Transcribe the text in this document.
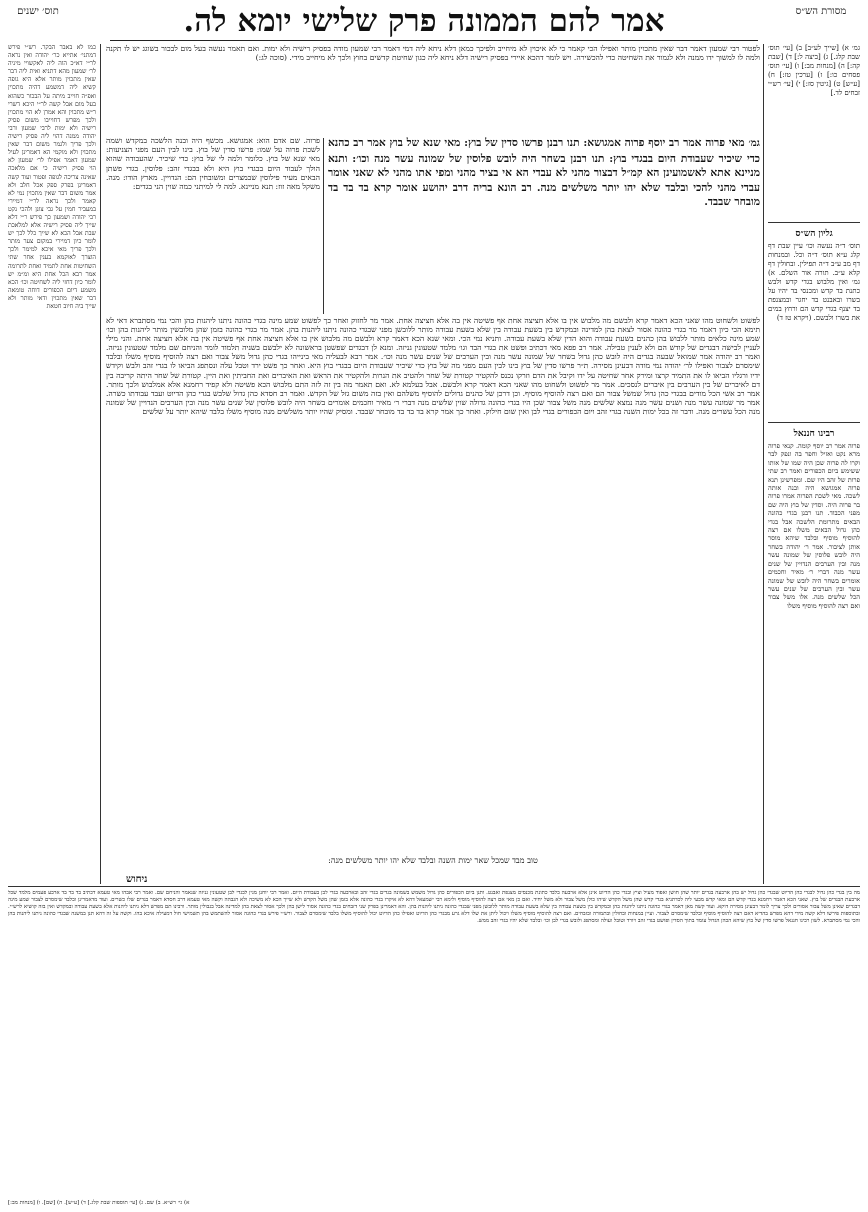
תוס׳ ישנים	אמר להם הממונה פרק שלישי יומא לה.	מסורת הש״ס

כמו לא באבר הבקר. רש״י פירש דמתני׳ אתייא כר׳ יהודה ואין נראה לר״י דא״כ הוה ליה לאקשויי מיניה לר׳ שמעון מהא דתניא ואית ליה דבר שאין מתכוין מותר אלא היא גופה קשיא ליה דמשמע דהיה מתכוין ואפ״ה חוייב מיתה על הבכור כשהוא בעל מום אבל קשה לר״י היכא דשרי ר״ש מתכוין והא אמרן לא הוי מתכוין ולכך מפרש דחוייבו משום פסיק רישיה ולא ימות לרבי שמעון ורבי יהודה ממנה דהוי ליה פסיק רישיה ולכך פריך ולגמר משום דבר שאין מתכוין ולא מוקמי הא דאמרינן לעיל שמעון דאמר אפילו לר׳ שמעון לא הוי פסיק רישיה כי אם מלאכה שאינה צריכה לגופה ופטור ועוד קשה דאמרינן בפרק ספק אכל חלב ולא אמר משום דבר שאין מתכוין נמי לא קאמר ולכך נראה לר״י דמיירי במעביר חמין על גבי צונן ולהכי נקט רבי יהודה ושמעון כך פירש ר״י דלא שייך ליה פסיק רישיה אלא למלאכת שבת אבל הכא לא שייך כלל לכך יש לומר כיון דמיירי במקום צער מותר ולכך פריך מאי איכא למימר ולכך הוצרך לאוקמא בענין אחר שתי השחיטות אחת לתמיד ואחת לתרומה אמר רבא הכל אחת היא ומ״מ יש לומר כיון דחזי ליה לשחיטה וכו׳ הכא משמע דיום הכפורים דוחה טומאה דבר שאין מתכוין ודאי מותר ולא שייך ביה חיוב חטאת

גמ׳ א) [שייך לע״ב] ב) [עי׳ תוס׳ שבת קלג.] ג) [ביצה ל:] ד) [שבת קה:] ה) [מנחות מב:] ו) [עי׳ תוס׳ פסחים כו:] ז) [ערכין טז:] ח) [ע״ש] ט) [גיטין סז:] י) [עי׳ רש״י זבחים לד.]

גליון הש״ס

תוס׳ ד״ה נעשה וכו׳ עיין שבת דף קלג ע״א תוס׳ ד״ה וכל. ובמנחות דף מב ע״ב ד״ה תפילין. ובחולין דף קלא ע״ב. תורה אור השלם. א) גמ׳ ואין מלבוש בגדי קדש ולבש כתנת בד קדש ומכנסי בד יהיו על בשרו ובאבנט בד יחגר ובמצנפת בד יצנף בגדי קדש הם ורחץ במים את בשרו ולבשם. (ויקרא טז ד)

רבינו חננאל

פרוה אמר רב יוסף קומה. קנאי פרוה מרא נקט ואזיל וחפר בה ונפק לבר וקרו לה פרוה שכן היה שמו של אותו ששימש ביום הכפורים ואמר רב שתי פרות של זהב היו שם. ומפרשינן תנא פרוה אמגושא היה ובנה אותה לשכה. מאי לשכת הפרוה אמרו פרוה בר פרוה היה. וסדין של בוץ היה שם מפני הכבוד. תנו רבנן בגדי כהונה הבאים מתרומת הלשכה אבל בגדי כהן גדול הבאים משלו אם רצה להוסיף מוסיף ובלבד שיהא מוסר אותן לציבור. אמר ר׳ יהודה בשחר היה לובש פלוסין של שמונה עשר מנה ובין הערבים הנדויין של שנים עשר מנה דברי ר׳ מאיר וחכמים אומרים בשחר היה לובש של שמונה עשר ובין הערבים של שנים עשר הכל שלשים מנה. אלו משל צבור ואם רצה להוסיף מוסיף משלו

לפטור רבי שמעון דאמר דבר שאין מתכוין מותר ואפילו הכי קאמר כי לא איכוין לא מיחייב ולפיכך כמאן דלא ניחא ליה דמי דאמר רבי שמעון מודה בפסיק רישיה ולא ימות. ואם תאמר נעשה בעל מום לבכור בשוגג יש לו תקנה ולמה לו למשוך ידו ממנה ולא לגמור את השחיטה כדי להכשירה. ויש לומר דהכא איירי בפסיק רישיה דלא ניחא ליה כגון שחיטת קדשים בחוץ ולכך לא מיחייב מידי. (סוכה לג:)

גמ׳ מאי פרוה אמר רב יוסף פרוה אמגושא: תנו רבנן פרשו סדין של בוץ: מאי שנא של בוץ אמר רב כהנא כדי שיכיר שעבודת היום בבגדי בוץ: תנו רבנן בשחר היה לובש פלוסין של שמונה עשר מנה וכו׳: ותנא מניינא אתא לאשמועינן הא קמ״ל דבצור מהני לא עבדי הא אי בציר מהני ומפי אתו מהני לא שאני אומר עבדי מהני להכי ובלבד שלא יהו יותר משלשים מנה. רב הונא בריה דרב יהושע אומר קרא בד בד בד מובחר שבבד.

פרוה. שם אדם הוא: אמגושא. מכשף היה ובנה הלשכה במקדש ושמה לשכת פרוה על שמו: פרשו סדין של בוץ. בינו לבין העם מפני הצניעות: מאי שנא של בוץ. כלומר ולמה לי של בוץ: כדי שיכיר. שהעבודה שהוא הולך לעבוד היום בבגדי בוץ היא ולא בבגדי זהב: פלוסין. בגדי פשתן הבאים מעיר פילוסין שבמצרים ומשובחין הם: הנדויין. מארץ הודו: מנה. משקל מאה זוז: תנא מניינא. למה לי למיתני כמה שוין הני בגדים:

לפשוט ולשחוט מהו שאני הכא דאמר קרא ולבשם מה מלבוש אין בו אלא חציצה אחת אף פשיטה אין בה אלא חציצה אחת. אמר מר לחזוק ואחר כך לפשוט שמע מינה בגדי כהונה ניתנו ליהנות בהן והכי נמי מסתברא דאי לא תימא הכי כיון דאמר מר בגדי כהונה אסור לצאת בהן למדינה ובמקדש בין בשעת עבודה בין שלא בשעת עבודה מותר ללובשן מפני שבגדי כהונה ניתנו ליהנות בהן. אמר מר בגדי כהונה בזמן שהן מלובשין מותר ליהנות בהן וכו׳ שמע מינה כלאים מותר ללבוש בהן כהנים בשעת עבודה והוא הדין שלא בשעת עבודה. ותניא נמי הכי. ומאי שנא הכא דאמר קרא ולבשם מה מלבוש אין בו אלא חציצה אחת אף פשיטה אין בה אלא חציצה אחת. והני מילי לעניין לבישה דבגדים של קודש הם ולא לענין טבילה. אמר רב פפא מאי דכתיב ופשט את בגדי הבד וגו׳ מלמד שטעונין גניזה. ומנא לן דבגדים שפשטן בראשונה לא ילבשם בשניה תלמוד לומר והניחם שם מלמד שטעונין גניזה. ואמר רב יהודה אמר שמואל שבעה בגדים היה לובש כהן גדול בשחר של שמונה עשר מנה ובין הערבים של שנים עשר מנה וכו׳. אמר רבא לבעליה מאי בינייהו בגדי כהן גדול משל צבור ואם רצה להוסיף מוסיף משלו ובלבד שימסרם לצבור ואפילו לר׳ יהודה נמי מודה דבעינן מסירה. ת״ר פרשו סדין של בוץ בינו לבין העם מפני מה של בוץ כדי שיכיר שעבודת היום בבגדי בוץ היא. ואחר כך פשט ירד וטבל עלה ונסתפג הביאו לו בגדי זהב ולבש וקידש ידיו ורגליו הביאו לו את התמיד קרצו ומירק אחר שחיטה על ידו וקיבל את הדם וזרקו נכנס להקטיר קטורת של שחר ולהטיב את הנרות ולהקטיר את הראש ואת האיברים ואת החביתין ואת היין. קטורת של שחר היתה קריבה בין דם לאיברים של בין הערבים בין איברים לנסכים. אמר מר לפשוט ולשחוט מהו שאני הכא דאמר קרא ולבשם. אבל בעלמא לא. ואם תאמר מה בין זה לזה התם מלבוש הכא פשיטה ולא קפיד רחמנא אלא אמלבוש ולכך מותר. אמר רב אשי הכל מודים בבגדי כהן גדול שמשל צבור הם ואם רצה להוסיף מוסיף. וכן דרכן של כהנים גדולים להוסיף משלהם ואין בזה משום גזל של הקדש. ואמר רב חסדא כהן גדול שלבש בגדי כהן הדיוט ועבד עבודתו כשרה. אמר מר שמונה עשר מנה ושנים עשר מנה נמצא שלשים מנה משל צבור שכן היו בגדי כהונה גדולה שוין שלשים מנה דברי ר׳ מאיר וחכמים אומרים בשחר היה לובש פלוסין של שנים עשר מנה ובין הערבים הנדויין של שמונה מנה הכל עשרים מנה. ודבר זה בכל ימות השנה בגדי זהב ויום הכפורים בגדי לבן ואין שום חילוק. ואחר כך אמר קרא בד בד בד מובחר שבבד. ומסיק שהיו יותר משלשים מנה מוסיף משלו בלבד שיהא יותר על שלשים

טוב מבד שמכל שאר ימות השנה ובלבד שלא יהו יותר משלשים מנה:
ניחוש

מה בין בגדי כהן גדול לבגדי כהן הדיוט שבגדי כהן גדול יש בהן ארבעה בגדים יותר שהן חושן ואפוד מעיל וציץ ובגדי כהן הדיוט אינן אלא ארבעה בלבד כתונת מכנסים מצנפת ואבנט. ותנן ביום הכפורים כהן גדול משמש בשמונה בגדים בגדי זהב ובארבעה בגדי לבן בעבודת היום. ואמר רבי יוחנן מנין לבגדי לבן שטעונין גניזה שנאמר והניחם שם. ואמר רבי אבהו מאי טעמא דכתיב בד בד בד ארבע פעמים מלמד שכל ארבעת הבגדים של בוץ. שאני הכא דאמר רחמנא בגדי קדש הם ומאי קדש מבעי ליה לכדתניא בגדי קדש שהן משל הקדש שיהו כולן משל צבור ולא משל יחיד. ואם כן מאי אם רצה להוסיף מוסיף ולימא רבי ישמעאל דהא לא איקרו בגדי כהונה אלא בזמן שהן משל הקדש ולא שייך הכא לא משיכה ולא הגבהה וקשה מאי טעמא דרב חסדא דאמר בגדים שלו כשרים. ועוד מדאמרינן ובלבד שימסרם לצבור שמע מינה דבגדים שאינן משל צבור אסורים ולכך צריך לומר דבעינן מסירה דוקא. ועוד קשה מאן דאמר בגדי כהונה ניתנו ליהנות בהן ובמקדש בין בשעת עבודה בין שלא בשעת עבודה מותר ללובשן מפני שבגדי כהונה ניתנו ליהנות בהן. והא דאמרינן בפרק שני דזבחים בגדי כהונה אסור לישן בהן ולכך אסור לצאת בהן למדינה אבל בגבולין מותר. ורבינו תם מפרש דלא ניתנו ליהנות אלא בשעת עבודה ובמקדש ואין בזה קושיא לרש״י. ובתוספות פירשו דלא קשה מידי דהא מפרש בהדיא דאם רצה להוסיף מוסיף ובלבד שימסרם לצבור. ועיין במנחות ובחולין ובתמורה ובזבחים. ואם רצה להוסיף מוסיף משלו ויכול ליתן את שלו דלא גרע מבגדי כהן הדיוט ואפילו כהן הדיוט יכול להוסיף משלו בלבד שימסרם לצבור. ורש״י פירש בגדי כהונה אסור להשתמש בהן תשמישי חול דמעילה איכא בהו. וקשה על זה דהא תנן במשנה שבגדי כהונה ניתנו ליהנות בהן והכי נמי מסתברא. לשון רבינו חננאל פרשו סדין של בוץ שיהא הכהן הגדול עומד בתוך הסדין ופושט בגדי זהב ויורד וטובל ועולה ומסתפג ולובש בגדי לבן וכו׳ ובלבד שלא יהיו בגדי זהב ממש.

א) גי׳ רש״א. ב) שם. ג) [עי׳ תוספות שבת קלג.] ד) [ע״ש]. ה) [שם]. ו) [מנחות מב:]
